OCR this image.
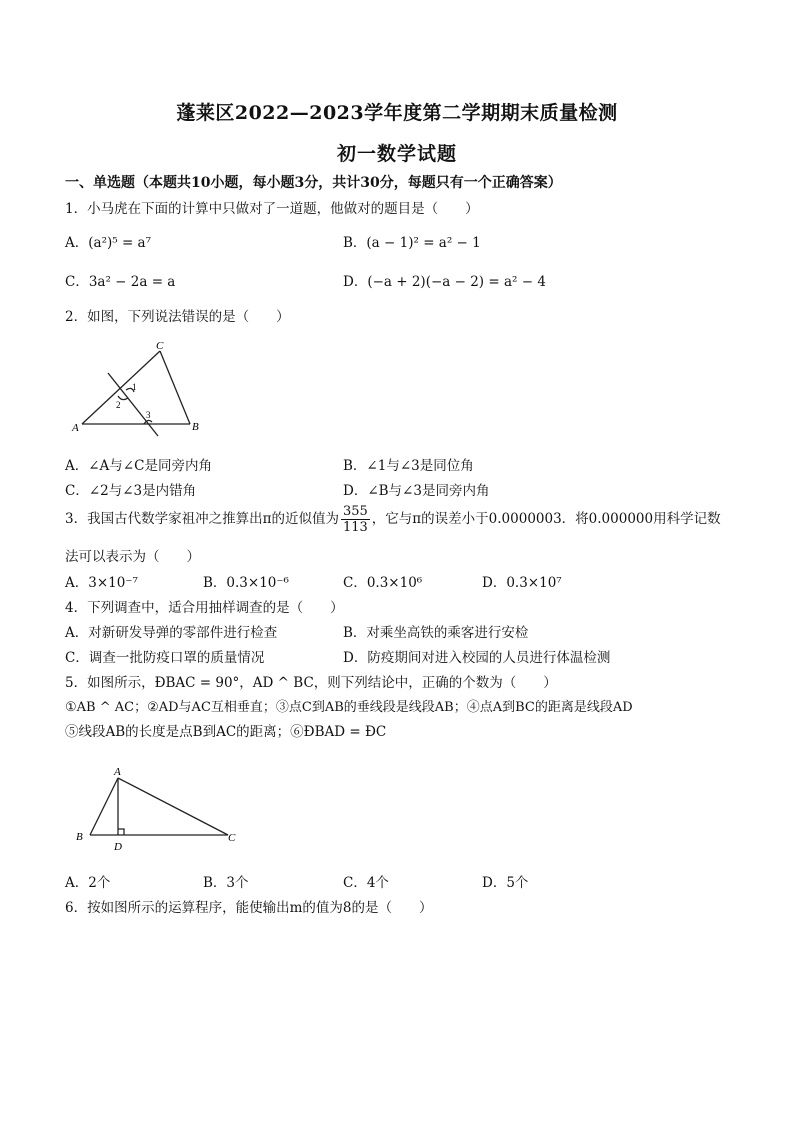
蓬莱区2022—2023学年度第二学期期末质量检测
初一数学试题
一、单选题（本题共10小题，每小题3分，共计30分，每题只有一个正确答案）
1．小马虎在下面的计算中只做对了一道题，他做对的题目是（　　）
A．(a²)⁵ = a⁷	B．(a − 1)² = a² − 1
C．3a² − 2a = a	D．(−a + 2)(−a − 2) = a² − 4
2．如图，下列说法错误的是（　　）
C
A	B
1
2
3
A．∠A与∠C是同旁内角	B．∠1与∠3是同位角
C．∠2与∠3是内错角	D．∠B与∠3是同旁内角
3．我国古代数学家祖冲之推算出π的近似值为 $\frac{355}{113}$ ，它与π的误差小于0.0000003．将0.000000用科学记数
法可以表示为（　　）
A．3×10⁻⁷	B．0.3×10⁻⁶	C．0.3×10⁶	D．0.3×10⁷
4．下列调查中，适合用抽样调查的是（　　）
A．对新研发导弹的零部件进行检查	B．对乘坐高铁的乘客进行安检
C．调查一批防疫口罩的质量情况	D．防疫期间对进入校园的人员进行体温检测
5．如图所示，ÐBAC = 90°，AD ^ BC，则下列结论中，正确的个数为（　　）
①AB ^ AC；②AD与AC互相垂直；③点C到AB的垂线段是线段AB；④点A到BC的距离是线段AD
⑤线段AB的长度是点B到AC的距离；⑥ÐBAD = ÐC
A
B	C
D
A．2个	B．3个	C．4个	D．5个
6．按如图所示的运算程序，能使输出m的值为8的是（　　）
